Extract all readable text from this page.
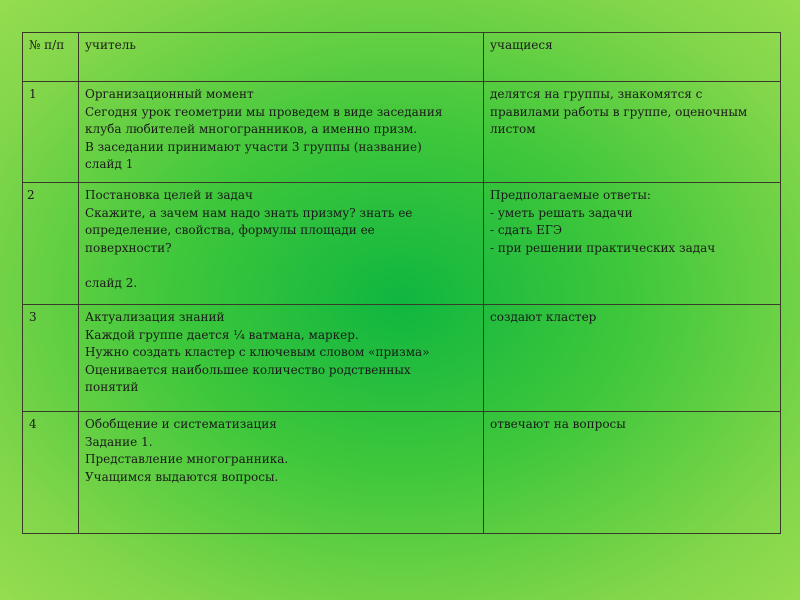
№ п/п	учитель	учащиеся
1	Организационный момент
Сегодня урок геометрии мы проведем в виде заседания
клуба любителей многогранников, а именно призм.
В заседании принимают участи 3 группы (название)
слайд 1	делятся на группы, знакомятся с
правилами работы в группе, оценочным
листом

2	Постановка целей и задач
Скажите, а зачем нам надо знать призму? знать ее
определение, свойства, формулы площади ее
поверхности?
слайд 2.	Предполагаемые ответы:
- уметь решать задачи
- сдать ЕГЭ
- при решении практических задач

3	Актуализация знаний
Каждой группе дается ¼ ватмана, маркер.
Нужно создать кластер с ключевым словом «призма»
Оценивается наибольшее количество родственных
понятий	создают кластер

4	Обобщение и систематизация
Задание 1.
Представление многогранника.
Учащимся выдаются вопросы.	отвечают на вопросы
